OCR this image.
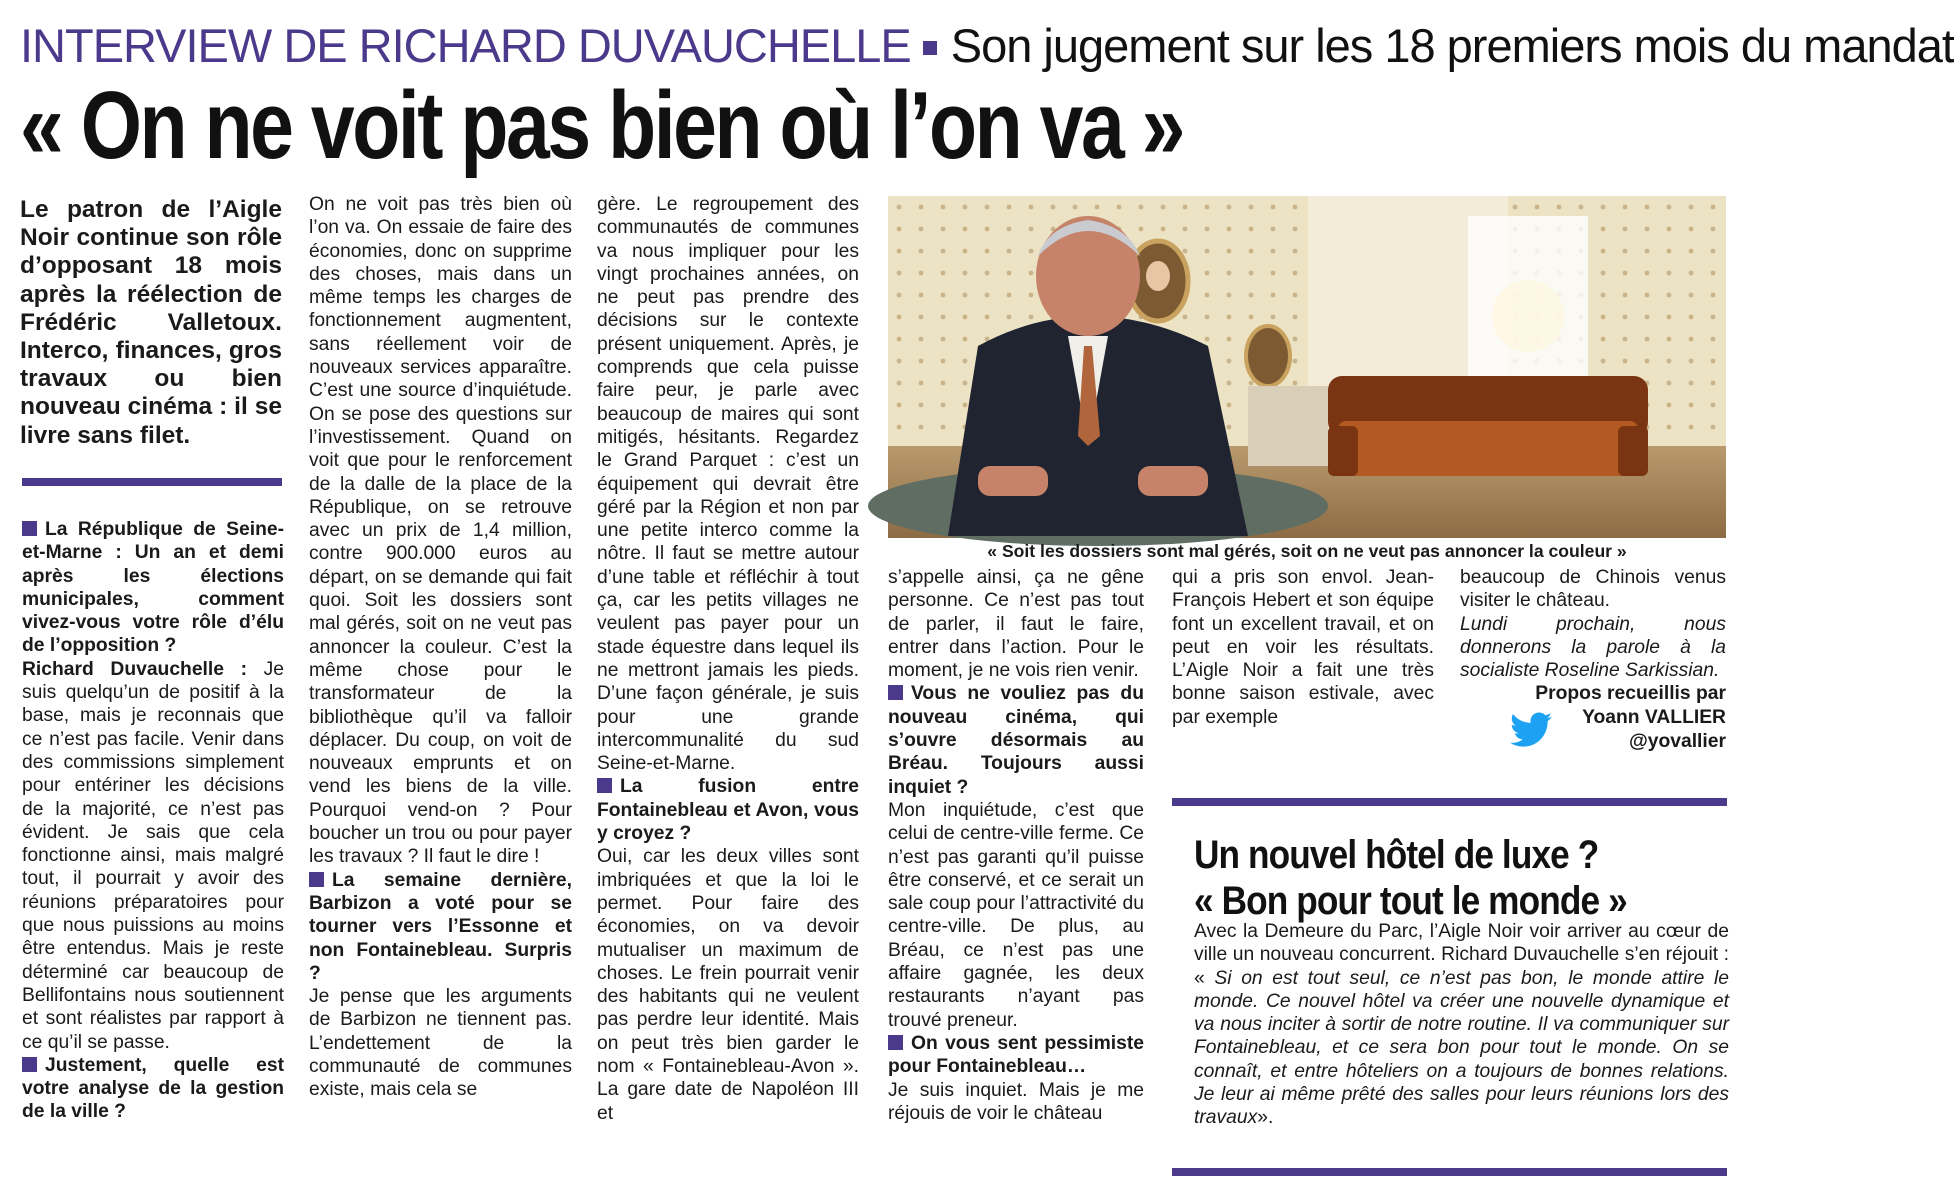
INTERVIEW DE RICHARD DUVAUCHELLE Son jugement sur les 18 premiers mois du mandat
« On ne voit pas bien où l’on va »
Le patron de l’Aigle Noir continue son rôle d’opposant 18 mois après la réélection de Frédéric Valletoux. Interco, finances, gros travaux ou bien nouveau cinéma : il se livre sans filet.

La République de Seine-et-Marne : Un an et demi après les élections municipales, comment vivez-vous votre rôle d’élu de l’opposition ?

Richard Duvauchelle : Je suis quelqu’un de positif à la base, mais je reconnais que ce n’est pas facile. Venir dans des commissions simplement pour entériner les décisions de la majorité, ce n’est pas évident. Je sais que cela fonctionne ainsi, mais malgré tout, il pourrait y avoir des réunions préparatoires pour que nous puissions au moins être entendus. Mais je reste déterminé car beaucoup de Bellifontains nous soutiennent et sont réalistes par rapport à ce qu’il se passe.

Justement, quelle est votre analyse de la gestion de la ville ?

On ne voit pas très bien où l’on va. On essaie de faire des économies, donc on supprime des choses, mais dans un même temps les charges de fonctionnement augmentent, sans réellement voir de nouveaux services apparaître. C’est une source d’inquiétude. On se pose des questions sur l’investissement. Quand on voit que pour le renforcement de la dalle de la place de la République, on se retrouve avec un prix de 1,4 million, contre 900.000 euros au départ, on se demande qui fait quoi. Soit les dossiers sont mal gérés, soit on ne veut pas annoncer la couleur. C’est la même chose pour le transformateur de la bibliothèque qu’il va falloir déplacer. Du coup, on voit de nouveaux emprunts et on vend les biens de la ville. Pourquoi vend-on ? Pour boucher un trou ou pour payer les travaux ? Il faut le dire !

La semaine dernière, Barbizon a voté pour se tourner vers l’Essonne et non Fontainebleau. Surpris ?

Je pense que les arguments de Barbizon ne tiennent pas. L’endettement de la communauté de communes existe, mais cela se

gère. Le regroupement des communautés de communes va nous impliquer pour les vingt prochaines années, on ne peut pas prendre des décisions sur le contexte présent uniquement. Après, je comprends que cela puisse faire peur, je parle avec beaucoup de maires qui sont mitigés, hésitants. Regardez le Grand Parquet : c’est un équipement qui devrait être géré par la Région et non par une petite interco comme la nôtre. Il faut se mettre autour d’une table et réfléchir à tout ça, car les petits villages ne veulent pas payer pour un stade équestre dans lequel ils ne mettront jamais les pieds. D’une façon générale, je suis pour une grande intercommunalité du sud Seine-et-Marne.

La fusion entre Fontainebleau et Avon, vous y croyez ?

Oui, car les deux villes sont imbriquées et que la loi le permet. Pour faire des économies, on va devoir mutualiser un maximum de choses. Le frein pourrait venir des habitants qui ne veulent pas perdre leur identité. Mais on peut très bien garder le nom « Fontainebleau-Avon ». La gare date de Napoléon III et

« Soit les dossiers sont mal gérés, soit on ne veut pas annoncer la couleur »

s’appelle ainsi, ça ne gêne personne. Ce n’est pas tout de parler, il faut le faire, entrer dans l’action. Pour le moment, je ne vois rien venir.

Vous ne vouliez pas du nouveau cinéma, qui s’ouvre désormais au Bréau. Toujours aussi inquiet ?

Mon inquiétude, c’est que celui de centre-ville ferme. Ce n’est pas garanti qu’il puisse être conservé, et ce serait un sale coup pour l’attractivité du centre-ville. De plus, au Bréau, ce n’est pas une affaire gagnée, les deux restaurants n’ayant pas trouvé preneur.

On vous sent pessimiste pour Fontainebleau…

Je suis inquiet. Mais je me réjouis de voir le château

qui a pris son envol. Jean-François Hebert et son équipe font un excellent travail, et on peut en voir les résultats. L’Aigle Noir a fait une très bonne saison estivale, avec par exemple

beaucoup de Chinois venus visiter le château.

Lundi prochain, nous donnerons la parole à la socialiste Roseline Sarkissian.

Propos recueillis par
Yoann VALLIER
@yovallier
Un nouvel hôtel de luxe ?
« Bon pour tout le monde »
Avec la Demeure du Parc, l’Aigle Noir voir arriver au cœur de ville un nouveau concurrent. Richard Duvauchelle s’en réjouit : « Si on est tout seul, ce n’est pas bon, le monde attire le monde. Ce nouvel hôtel va créer une nouvelle dynamique et va nous inciter à sortir de notre routine. Il va communiquer sur Fontainebleau, et ce sera bon pour tout le monde. On se connaît, et entre hôteliers on a toujours de bonnes relations. Je leur ai même prêté des salles pour leurs réunions lors des travaux».
